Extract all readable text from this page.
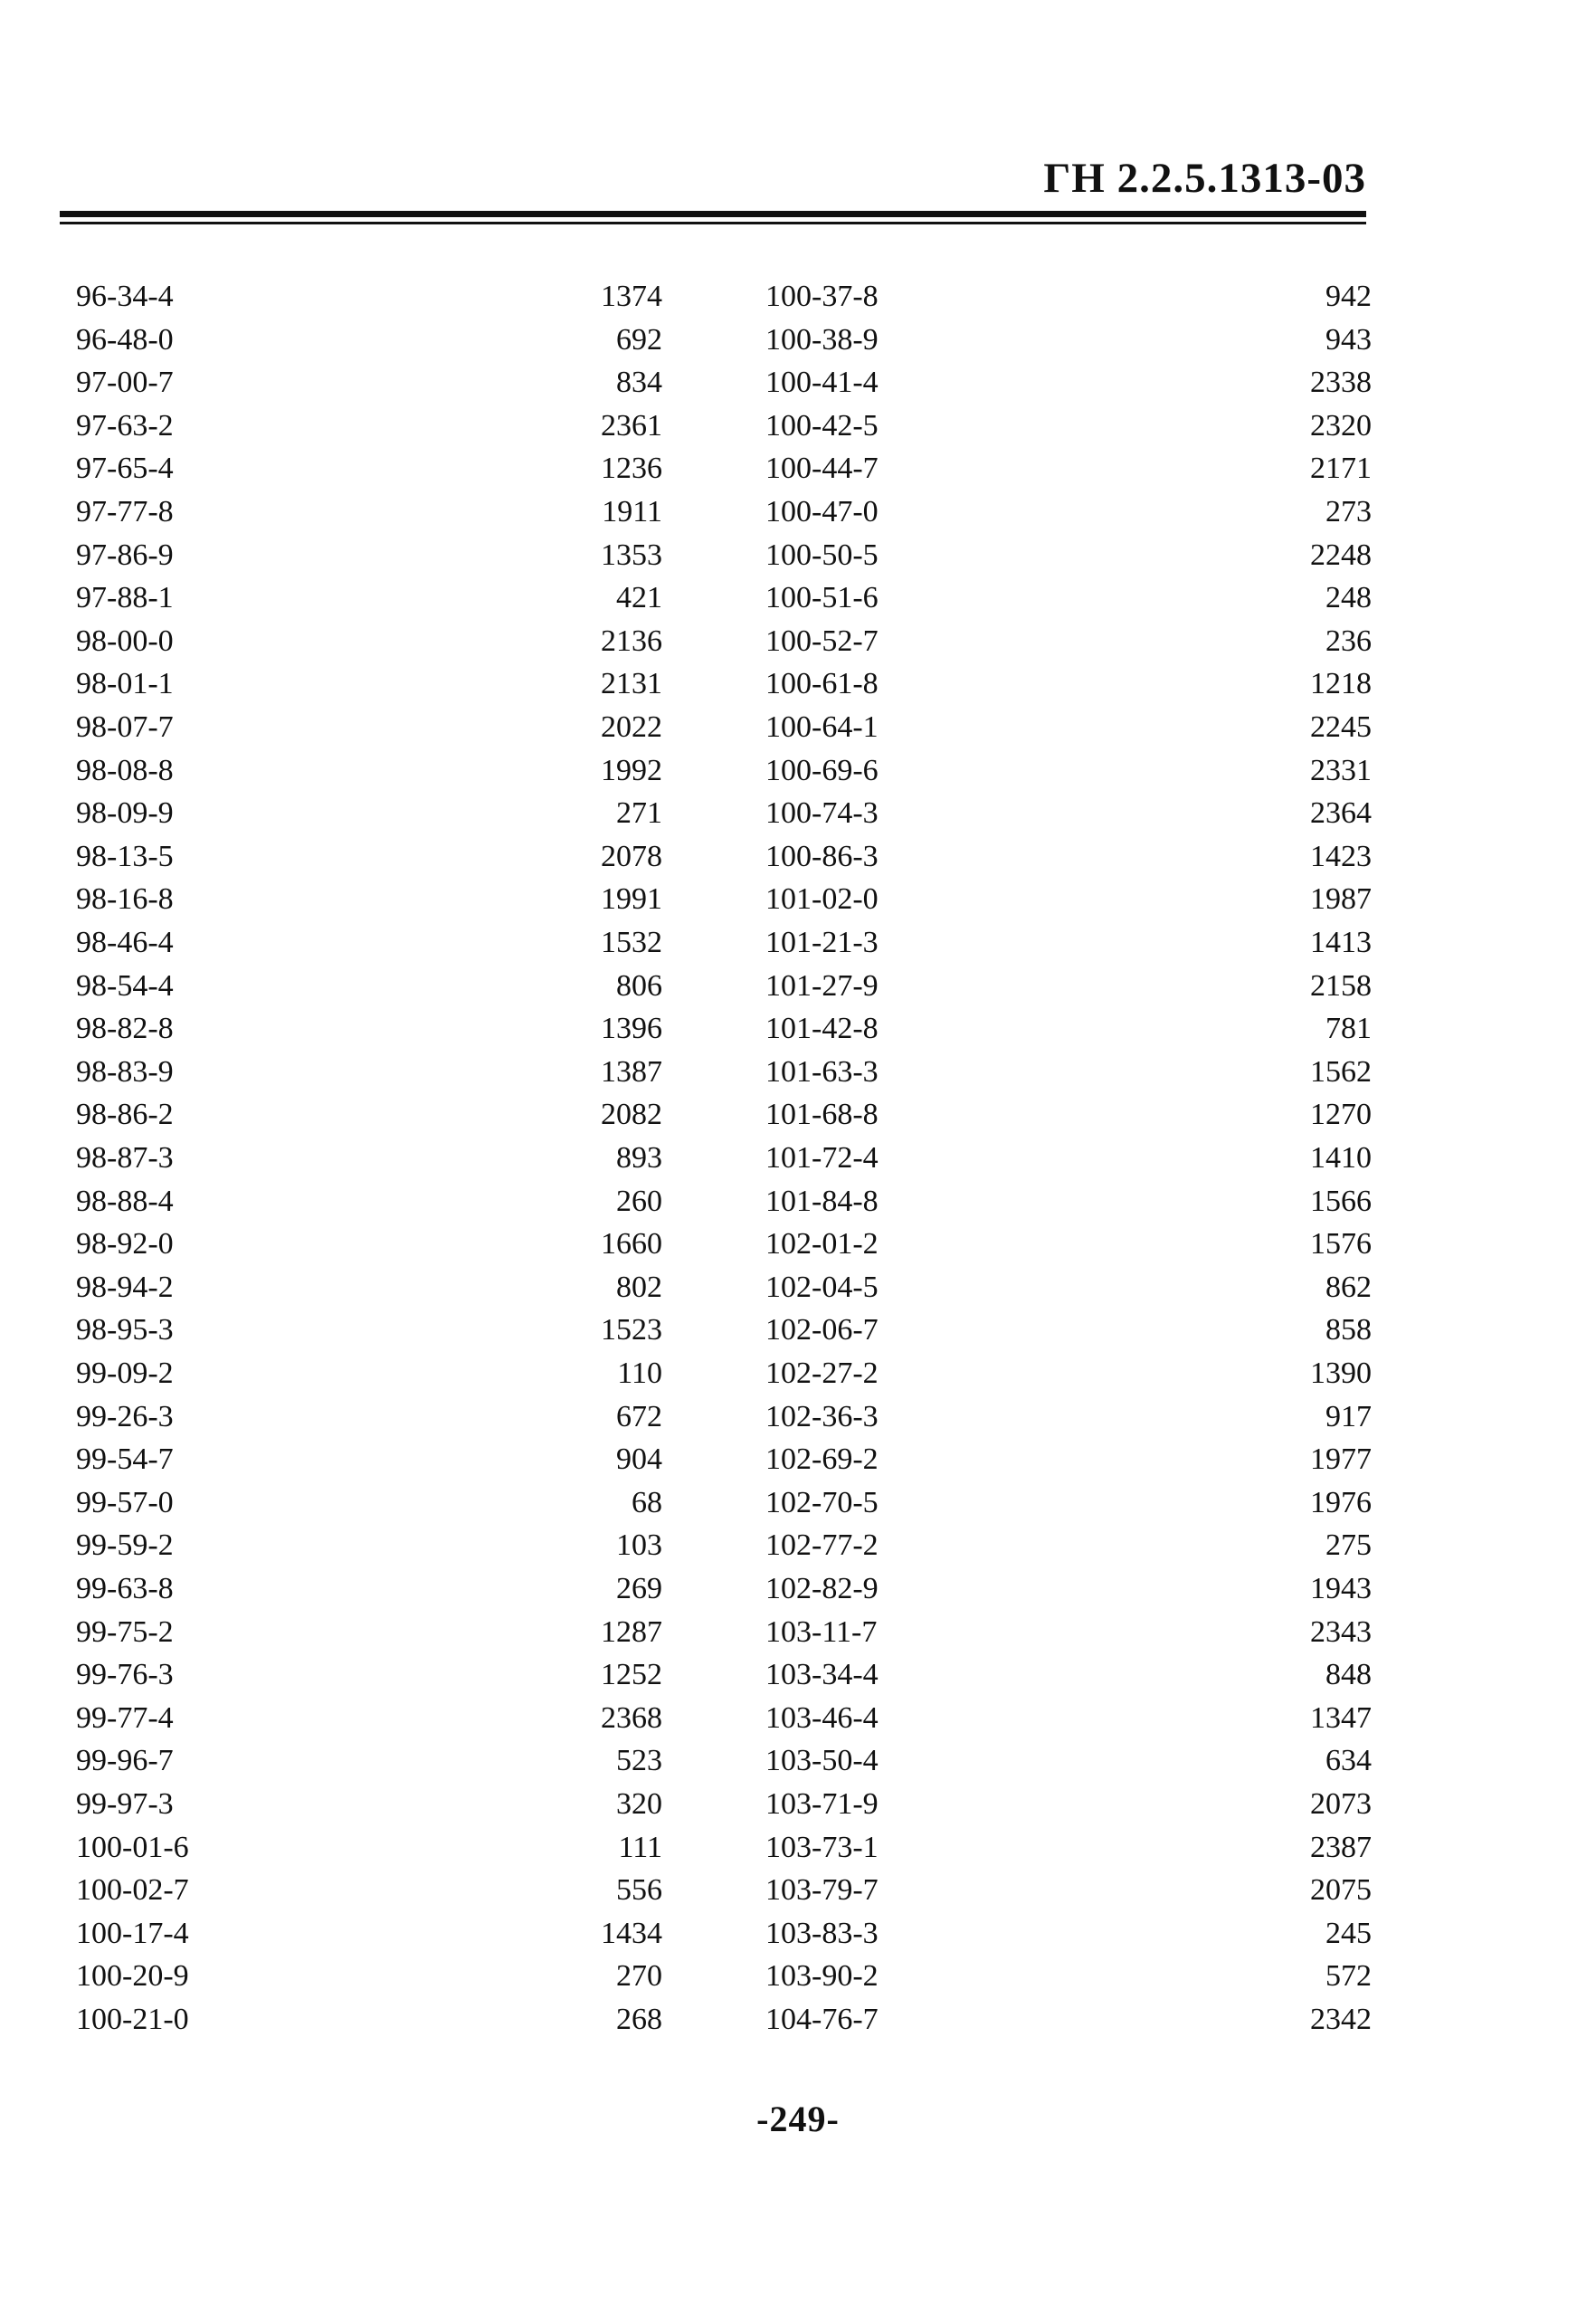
ГН 2.2.5.1313-03
96-34-4	1374	100-37-8	942
96-48-0	692	100-38-9	943
97-00-7	834	100-41-4	2338
97-63-2	2361	100-42-5	2320
97-65-4	1236	100-44-7	2171
97-77-8	1911	100-47-0	273
97-86-9	1353	100-50-5	2248
97-88-1	421	100-51-6	248
98-00-0	2136	100-52-7	236
98-01-1	2131	100-61-8	1218
98-07-7	2022	100-64-1	2245
98-08-8	1992	100-69-6	2331
98-09-9	271	100-74-3	2364
98-13-5	2078	100-86-3	1423
98-16-8	1991	101-02-0	1987
98-46-4	1532	101-21-3	1413
98-54-4	806	101-27-9	2158
98-82-8	1396	101-42-8	781
98-83-9	1387	101-63-3	1562
98-86-2	2082	101-68-8	1270
98-87-3	893	101-72-4	1410
98-88-4	260	101-84-8	1566
98-92-0	1660	102-01-2	1576
98-94-2	802	102-04-5	862
98-95-3	1523	102-06-7	858
99-09-2	110	102-27-2	1390
99-26-3	672	102-36-3	917
99-54-7	904	102-69-2	1977
99-57-0	68	102-70-5	1976
99-59-2	103	102-77-2	275
99-63-8	269	102-82-9	1943
99-75-2	1287	103-11-7	2343
99-76-3	1252	103-34-4	848
99-77-4	2368	103-46-4	1347
99-96-7	523	103-50-4	634
99-97-3	320	103-71-9	2073
100-01-6	111	103-73-1	2387
100-02-7	556	103-79-7	2075
100-17-4	1434	103-83-3	245
100-20-9	270	103-90-2	572
100-21-0	268	104-76-7	2342
-249-
